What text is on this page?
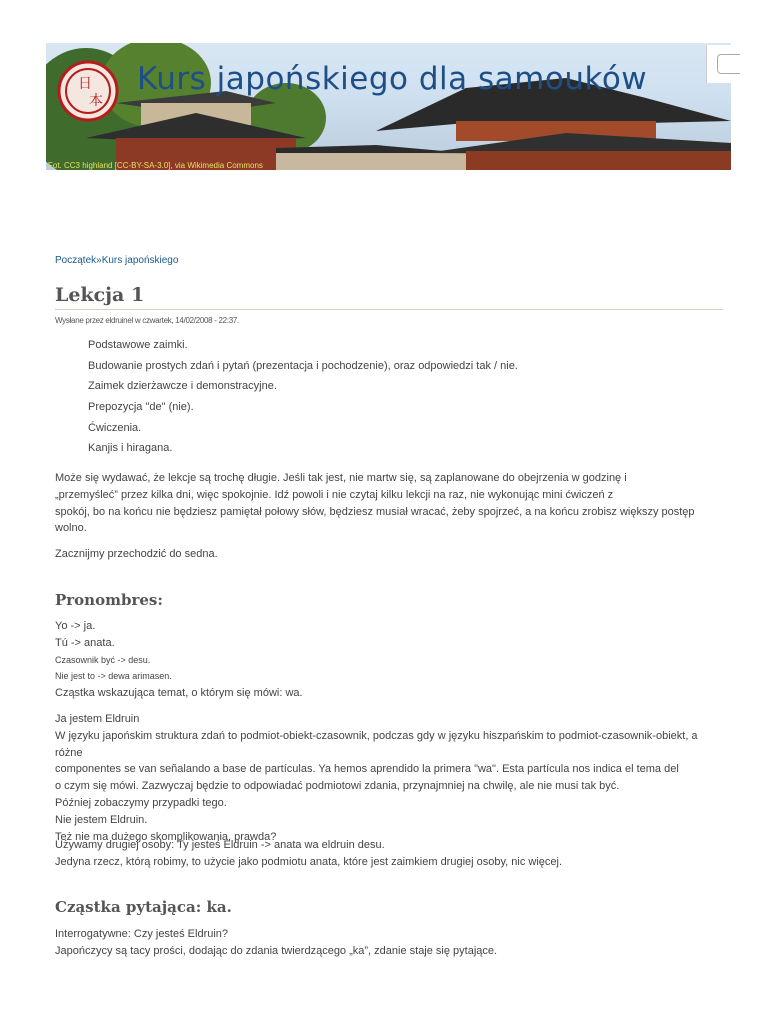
日
本
Kurs japońskiego dla samouków
Fot. CC3 highland [CC-BY-SA-3.0], via Wikimedia Commons
Początek»Kurs japońskiego
Lekcja 1
Wysłane przez eldruinel w czwartek, 14/02/2008 - 22:37.
Podstawowe zaimki.
Budowanie prostych zdań i pytań (prezentacja i pochodzenie), oraz odpowiedzi tak / nie.
Zaimek dzierżawcze i demonstracyjne.
Prepozycja "de" (nie).
Ćwiczenia.
Kanjis i hiragana.
Może się wydawać, że lekcje są trochę długie. Jeśli tak jest, nie martw się, są zaplanowane do obejrzenia w godzinę i
„przemyśleć” przez kilka dni, więc spokojnie. Idź powoli i nie czytaj kilku lekcji na raz, nie wykonując mini ćwiczeń z
spokój, bo na końcu nie będziesz pamiętał połowy słów, będziesz musiał wracać, żeby spojrzeć, a na końcu zrobisz większy postęp
wolno.
Zacznijmy przechodzić do sedna.
Pronombres:
Yo -> ja.
Tú -> anata.
Czasownik być -> desu.
Nie jest to -> dewa arimasen.
Cząstka wskazująca temat, o którym się mówi: wa.
Ja jestem Eldruin
W języku japońskim struktura zdań to podmiot-obiekt-czasownik, podczas gdy w języku hiszpańskim to podmiot-czasownik-obiekt, a różne
componentes se van señalando a base de partículas. Ya hemos aprendido la primera "wa". Esta partícula nos indica el tema del
o czym się mówi. Zazwyczaj będzie to odpowiadać podmiotowi zdania, przynajmniej na chwilę, ale nie musi tak być.
Później zobaczymy przypadki tego.
Nie jestem Eldruin.
Też nie ma dużego skomplikowania, prawda?
Używamy drugiej osoby: Ty jesteś Eldruin -> anata wa eldruin desu.
Jedyna rzecz, którą robimy, to użycie jako podmiotu anata, które jest zaimkiem drugiej osoby, nic więcej.
Cząstka pytająca: ka.
Interrogatywne: Czy jesteś Eldruin?
Japończycy są tacy prości, dodając do zdania twierdzącego „ka”, zdanie staje się pytające.
